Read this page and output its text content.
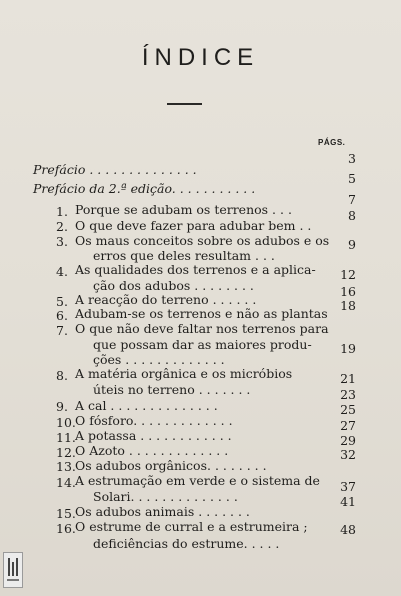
ÍNDICE
PÁGS.
Prefácio . . . . . . . . . . . . . .
3
Prefácio da 2.ª edição. . . . . . . . . . .
5
1. Porque se adubam os terrenos . . .
7
2. O que deve fazer para adubar bem . .
8
3. Os maus conceitos sobre os adubos e os
erros que deles resultam . . .
9
4. As qualidades dos terrenos e a aplica-
ção dos adubos . . . . . . . .
12
5. A reacção do terreno . . . . . .
16
6. Adubam-se os terrenos e não as plantas
18
7. O que não deve faltar nos terrenos para
que possam dar as maiores produ-
ções . . . . . . . . . . . . .
19
8. A matéria orgânica e os micróbios
úteis no terreno . . . . . . .
21
9. A cal . . . . . . . . . . . . . .
23
10. O fósforo. . . . . . . . . . . . .
25
11. A potassa . . . . . . . . . . . .
27
12. O Azoto . . . . . . . . . . . . .
29
13. Os adubos orgânicos. . . . . . . .
32
14. A estrumação em verde e o sistema de
Solari. . . . . . . . . . . . . .
37
15. Os adubos animais . . . . . . .
41
16. O estrume de curral e a estrumeira ;
deficiências do estrume. . . . .
48
